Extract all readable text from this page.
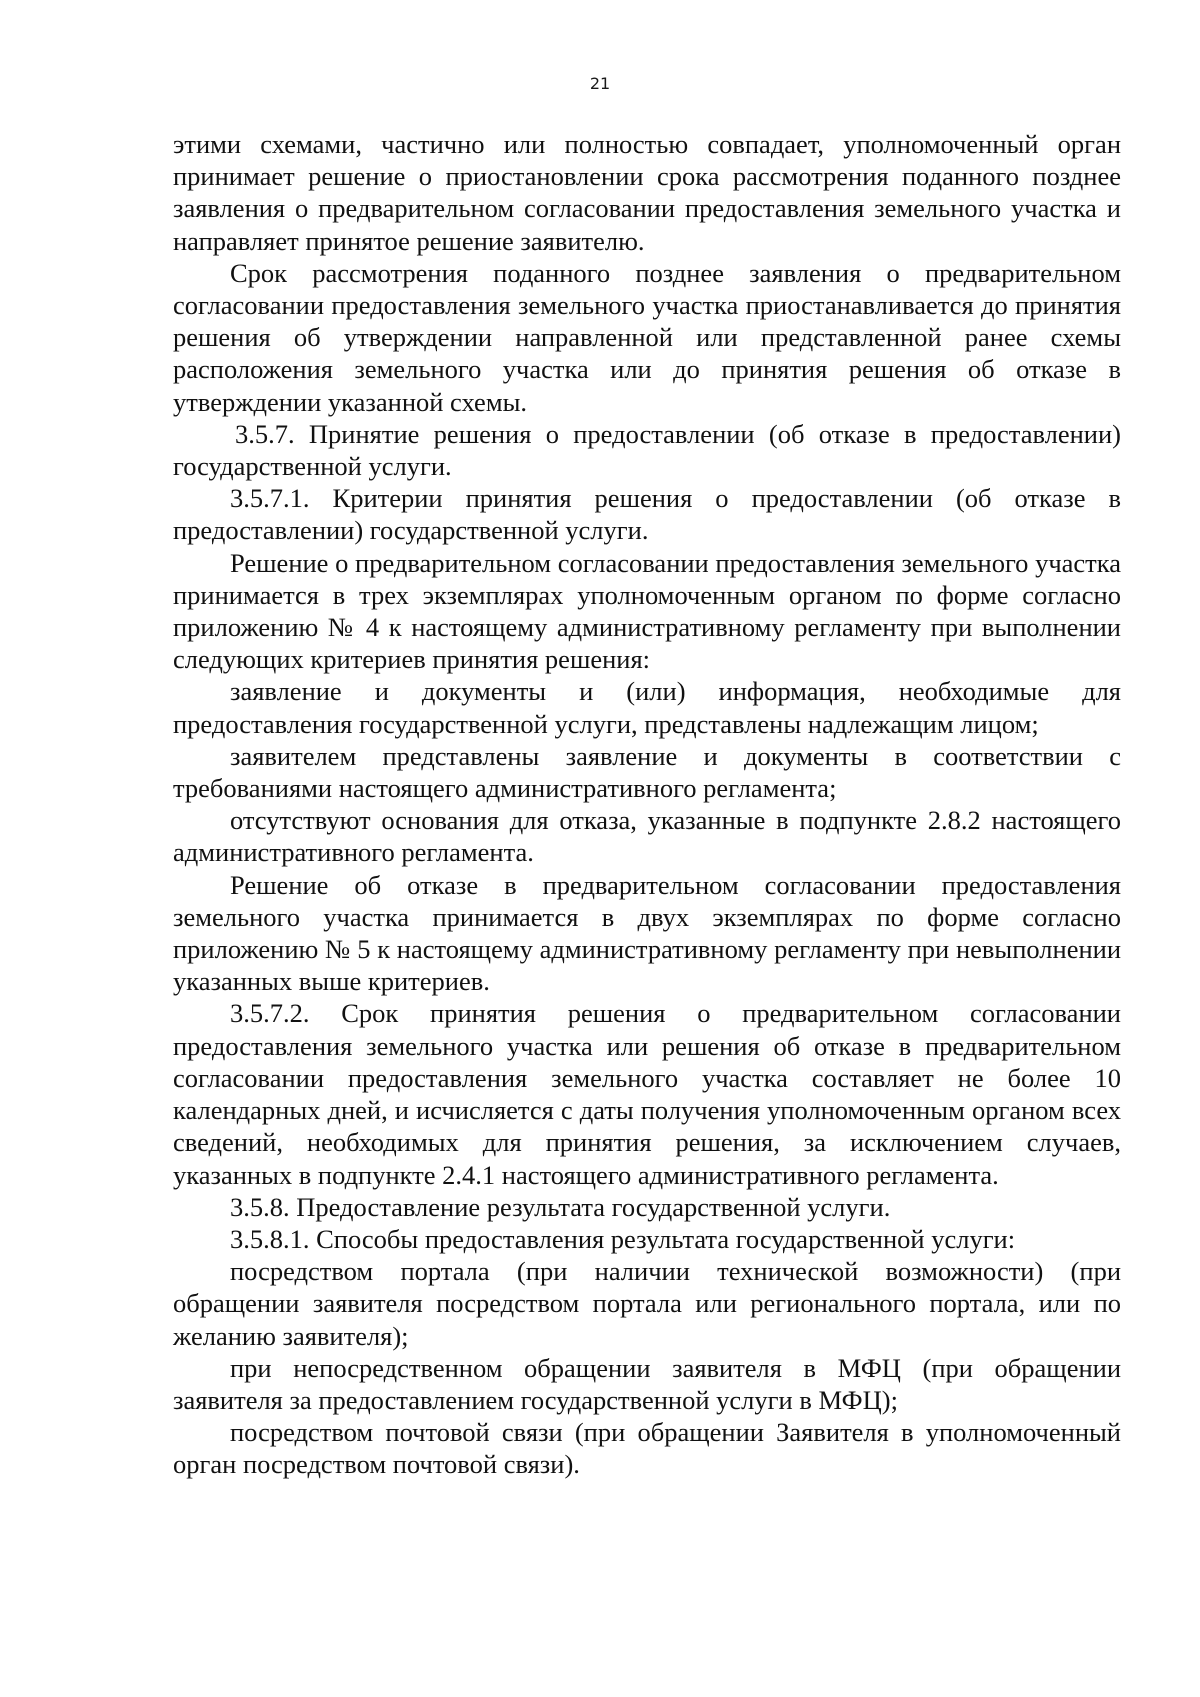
21

этими схемами, частично или полностью совпадает, уполномоченный орган принимает решение о приостановлении срока рассмотрения поданного позднее заявления о предварительном согласовании предоставления земельного участка и направляет принятое решение заявителю.

Срок рассмотрения поданного позднее заявления о предварительном согласовании предоставления земельного участка приостанавливается до принятия решения об утверждении направленной или представленной ранее схемы расположения земельного участка или до принятия решения об отказе в утверждении указанной схемы.

3.5.7. Принятие решения о предоставлении (об отказе в предоставлении) государственной услуги.

3.5.7.1. Критерии принятия решения о предоставлении (об отказе в предоставлении) государственной услуги.

Решение о предварительном согласовании предоставления земельного участка принимается в трех экземплярах уполномоченным органом по форме согласно приложению № 4 к настоящему административному регламенту при выполнении следующих критериев принятия решения:

заявление и документы и (или) информация, необходимые для предоставления государственной услуги, представлены надлежащим лицом;

заявителем представлены заявление и документы в соответствии с требованиями настоящего административного регламента;

отсутствуют основания для отказа, указанные в подпункте 2.8.2 настоящего административного регламента.

Решение об отказе в предварительном согласовании предоставления земельного участка принимается в двух экземплярах по форме согласно приложению № 5 к настоящему административному регламенту при невыполнении указанных выше критериев.

3.5.7.2. Срок принятия решения о предварительном согласовании предоставления земельного участка или решения об отказе в предварительном согласовании предоставления земельного участка составляет не более 10 календарных дней, и исчисляется с даты получения уполномоченным органом всех сведений, необходимых для принятия решения, за исключением случаев, указанных в подпункте 2.4.1 настоящего административного регламента.

3.5.8. Предоставление результата государственной услуги.

3.5.8.1. Способы предоставления результата государственной услуги:

посредством портала (при наличии технической возможности) (при обращении заявителя посредством портала или регионального портала, или по желанию заявителя);

при непосредственном обращении заявителя в МФЦ (при обращении заявителя за предоставлением государственной услуги в МФЦ);

посредством почтовой связи (при обращении Заявителя в уполномоченный орган посредством почтовой связи).
